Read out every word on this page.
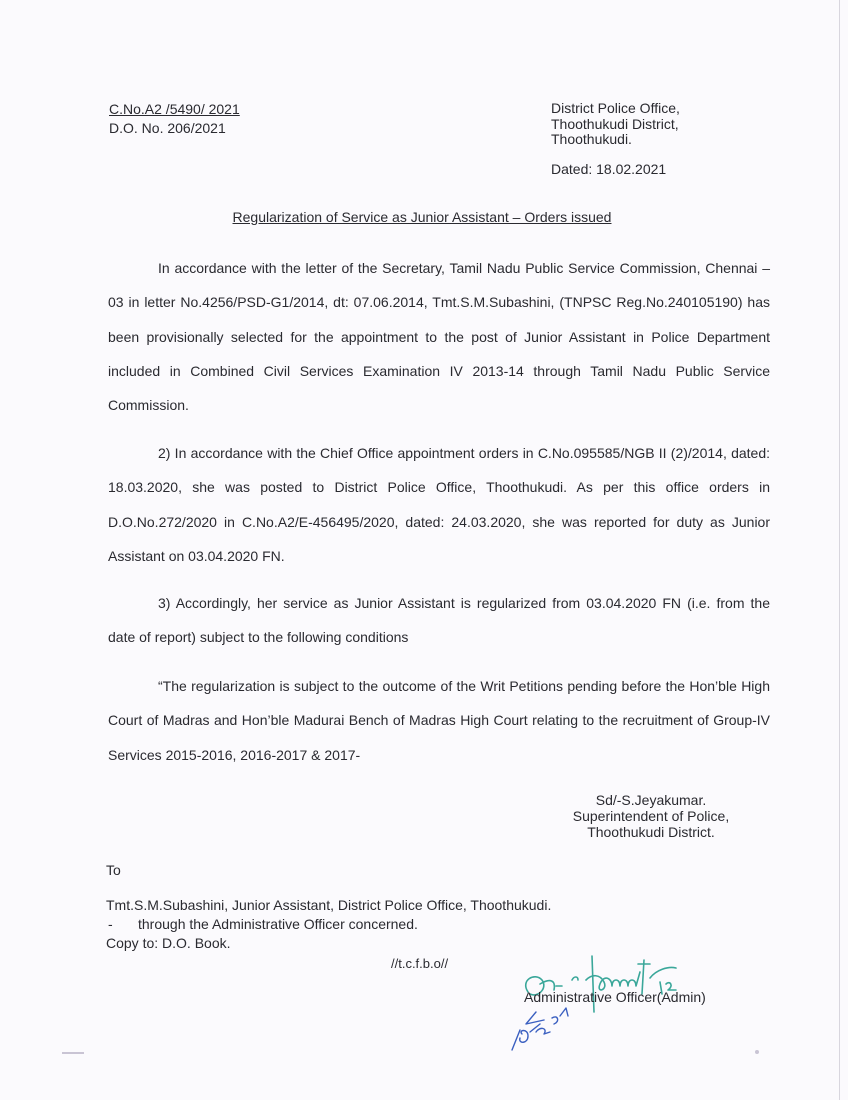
C.No.A2 /5490/ 2021
D.O. No. 206/2021
District Police Office,
Thoothukudi District,
Thoothukudi.
Dated: 18.02.2021
Regularization of Service as Junior Assistant – Orders issued
In accordance with the letter of the Secretary, Tamil Nadu Public Service Commission, Chennai – 03 in letter No.4256/PSD-G1/2014, dt: 07.06.2014, Tmt.S.M.Subashini, (TNPSC Reg.No.240105190) has been provisionally selected for the appointment to the post of Junior Assistant in Police Department included in Combined Civil Services Examination IV 2013-14 through Tamil Nadu Public Service Commission.
2) In accordance with the Chief Office appointment orders in C.No.095585/NGB II (2)/2014, dated: 18.03.2020, she was posted to District Police Office, Thoothukudi. As per this office orders in D.O.No.272/2020 in C.No.A2/E-456495/2020, dated: 24.03.2020, she was reported for duty as Junior Assistant on 03.04.2020 FN.
3) Accordingly, her service as Junior Assistant is regularized from 03.04.2020 FN (i.e. from the date of report) subject to the following conditions
“The regularization is subject to the outcome of the Writ Petitions pending before the Hon’ble High Court of Madras and Hon’ble Madurai Bench of Madras High Court relating to the recruitment of Group-IV Services 2015-2016, 2016-2017 & 2017-
Sd/-S.Jeyakumar.
Superintendent of Police,
Thoothukudi District.
To
Tmt.S.M.Subashini, Junior Assistant, District Police Office, Thoothukudi.
- through the Administrative Officer concerned.
Copy to: D.O. Book.
//t.c.f.b.o//
Administrative Officer(Admin)
